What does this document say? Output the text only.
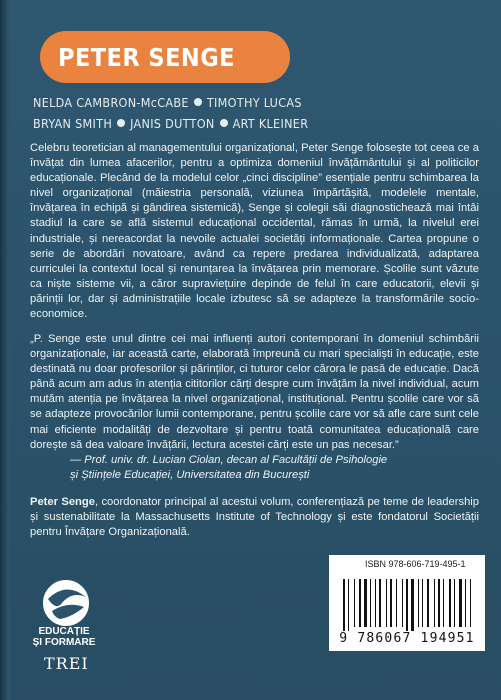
PETER SENGE
NELDA CAMBRON-McCABE TIMOTHY LUCAS
BRYAN SMITH JANIS DUTTON ART KLEINER
Celebru teoretician al managementului organizațional, Peter Senge folosește tot ceea ce a învățat din lumea afacerilor, pentru a optimiza domeniul învățământului și al politicilor educaționale. Plecând de la modelul celor „cinci discipline” esențiale pentru schimbarea la nivel organizațional (măiestria personală, viziunea împărtășită, modelele mentale, învățarea în echipă și gândirea sistemică), Senge și colegii săi diagnostichează mai întâi stadiul la care se află sistemul educațional occidental, rămas în urmă, la nivelul erei industriale, și nereacordat la nevoile actualei societăți informaționale. Cartea propune o serie de abordări novatoare, având ca repere predarea individualizată, adaptarea curriculei la contextul local și renunțarea la învățarea prin memorare. Școlile sunt văzute ca niște sisteme vii, a căror supraviețuire depinde de felul în care educatorii, elevii și părinții lor, dar și administrațiile locale izbutesc să se adapteze la transformările socio-economice.
„P. Senge este unul dintre cei mai influenți autori contemporani în domeniul schimbării organizaționale, iar această carte, elaborată împreună cu mari specialiști în educație, este destinată nu doar profesorilor și părinților, ci tuturor celor cărora le pasă de educație. Dacă până acum am adus în atenția cititorilor cărți despre cum învățăm la nivel individual, acum mutăm atenția pe învățarea la nivel organizațional, instituțional. Pentru școlile care vor să se adapteze provocărilor lumii contemporane, pentru școlile care vor să afle care sunt cele mai eficiente modalități de dezvoltare și pentru toată comunitatea educațională care dorește să dea valoare învățării, lectura acestei cărți este un pas necesar.”
— Prof. univ. dr. Lucian Ciolan, decan al Facultății de Psihologie
și Științele Educației, Universitatea din București
Peter Senge, coordonator principal al acestui volum, conferențiază pe teme de leadership și sustenabilitate la Massachusetts Institute of Technology și este fondatorul Societății pentru Învățare Organizațională.
EDUCAȚIE
ȘI FORMARE
TREI
ISBN 978-606-719-495-1
9 786067 194951
